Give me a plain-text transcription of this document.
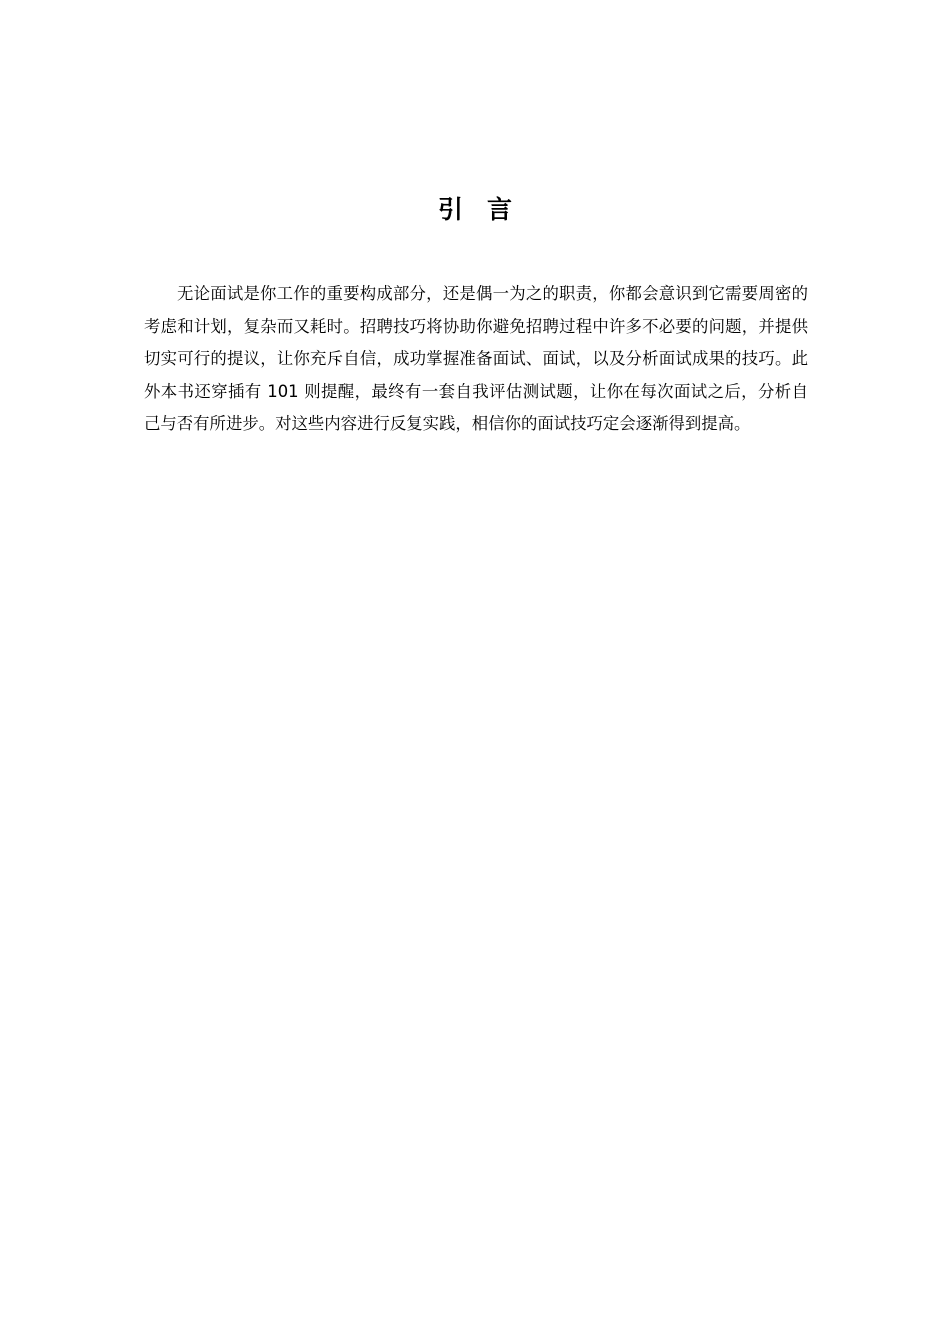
引言

无论面试是你工作的重要构成部分，还是偶一为之的职责，你都会意识到它需要周密的考虑和计划，复杂而又耗时。招聘技巧将协助你避免招聘过程中许多不必要的问题，并提供切实可行的提议，让你充斥自信，成功掌握准备面试、面试，以及分析面试成果的技巧。此外本书还穿插有 101 则提醒，最终有一套自我评估测试题，让你在每次面试之后，分析自己与否有所进步。对这些内容进行反复实践，相信你的面试技巧定会逐渐得到提高。
